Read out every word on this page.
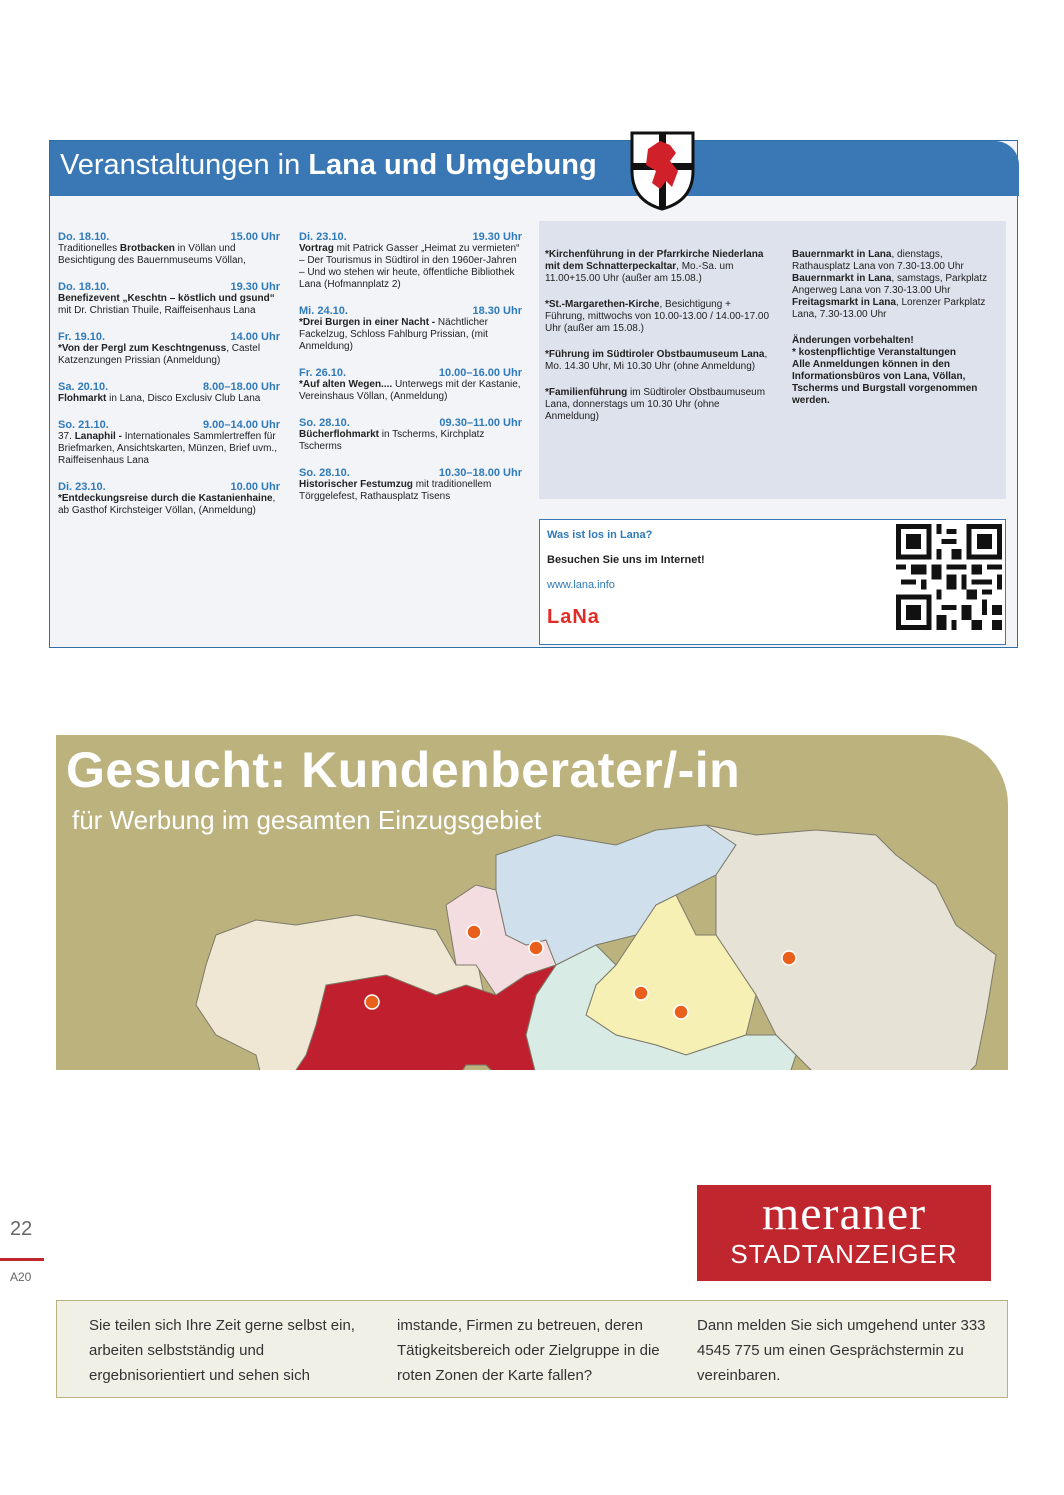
Veranstaltungen in Lana und Umgebung
Do. 18.10.	15.00 Uhr
Traditionelles Brotbacken in Völlan und Besichtigung des Bauernmuseums Völlan,
Do. 18.10.	19.30 Uhr
Benefizevent „Keschtn – köstlich und gsund“ mit Dr. Christian Thuile, Raiffeisenhaus Lana
Fr. 19.10.	14.00 Uhr
*Von der Pergl zum Keschtngenuss, Castel Katzenzungen Prissian (Anmeldung)
Sa. 20.10.	8.00–18.00 Uhr
Flohmarkt in Lana, Disco Exclusiv Club Lana
So. 21.10.	9.00–14.00 Uhr
37. Lanaphil - Internationales Sammlertreffen für Briefmarken, Ansichtskarten, Münzen, Brief uvm., Raiffeisenhaus Lana
Di. 23.10.	10.00 Uhr
*Entdeckungsreise durch die Kastanienhaine, ab Gasthof Kirchsteiger Völlan, (Anmeldung)
Di. 23.10.	19.30 Uhr
Vortrag mit Patrick Gasser „Heimat zu vermieten“ – Der Tourismus in Südtirol in den 1960er-Jahren – Und wo stehen wir heute, öffentliche Bibliothek Lana (Hofmannplatz 2)
Mi. 24.10.	18.30 Uhr
*Drei Burgen in einer Nacht - Nächtlicher Fackelzug, Schloss Fahlburg Prissian, (mit Anmeldung)
Fr. 26.10.	10.00–16.00 Uhr
*Auf alten Wegen.... Unterwegs mit der Kastanie, Vereinshaus Völlan, (Anmeldung)
So. 28.10.	09.30–11.00 Uhr
Bücherflohmarkt in Tscherms, Kirchplatz Tscherms
So. 28.10.	10.30–18.00 Uhr
Historischer Festumzug mit traditionellem Törggelefest, Rathausplatz Tisens
*Kirchenführung in der Pfarrkirche Niederlana mit dem Schnatterpeckaltar, Mo.-Sa. um 11.00+15.00 Uhr (außer am 15.08.)
*St.-Margarethen-Kirche, Besichtigung + Führung, mittwochs von 10.00-13.00 / 14.00-17.00 Uhr (außer am 15.08.)
*Führung im Südtiroler Obstbaumuseum Lana, Mo. 14.30 Uhr, Mi 10.30 Uhr (ohne Anmeldung)
*Familienführung im Südtiroler Obstbaumuseum Lana, donnerstags um 10.30 Uhr (ohne Anmeldung)
Bauernmarkt in Lana, dienstags, Rathausplatz Lana von 7.30-13.00 Uhr
Bauernmarkt in Lana, samstags, Parkplatz Angerweg Lana von 7.30-13.00 Uhr
Freitagsmarkt in Lana, Lorenzer Parkplatz Lana, 7.30-13.00 Uhr
Änderungen vorbehalten!
* kostenpflichtige Veranstaltungen
Alle Anmeldungen können in den Informationsbüros von Lana, Völlan, Tscherms und Burgstall vorgenommen werden.
Was ist los in Lana?
Besuchen Sie uns im Internet!
www.lana.info
LaNa
Gesucht: Kundenberater/-in
für Werbung im gesamten Einzugsgebiet
meraner
STADTANZEIGER
Sie teilen sich Ihre Zeit gerne selbst ein, arbeiten selbstständig und ergebnisorientiert und sehen sich
imstande, Firmen zu betreuen, deren Tätigkeitsbereich oder Zielgruppe in die roten Zonen der Karte fallen?
Dann melden Sie sich umgehend unter 333 4545 775 um einen Gesprächstermin zu vereinbaren.
22
A20
